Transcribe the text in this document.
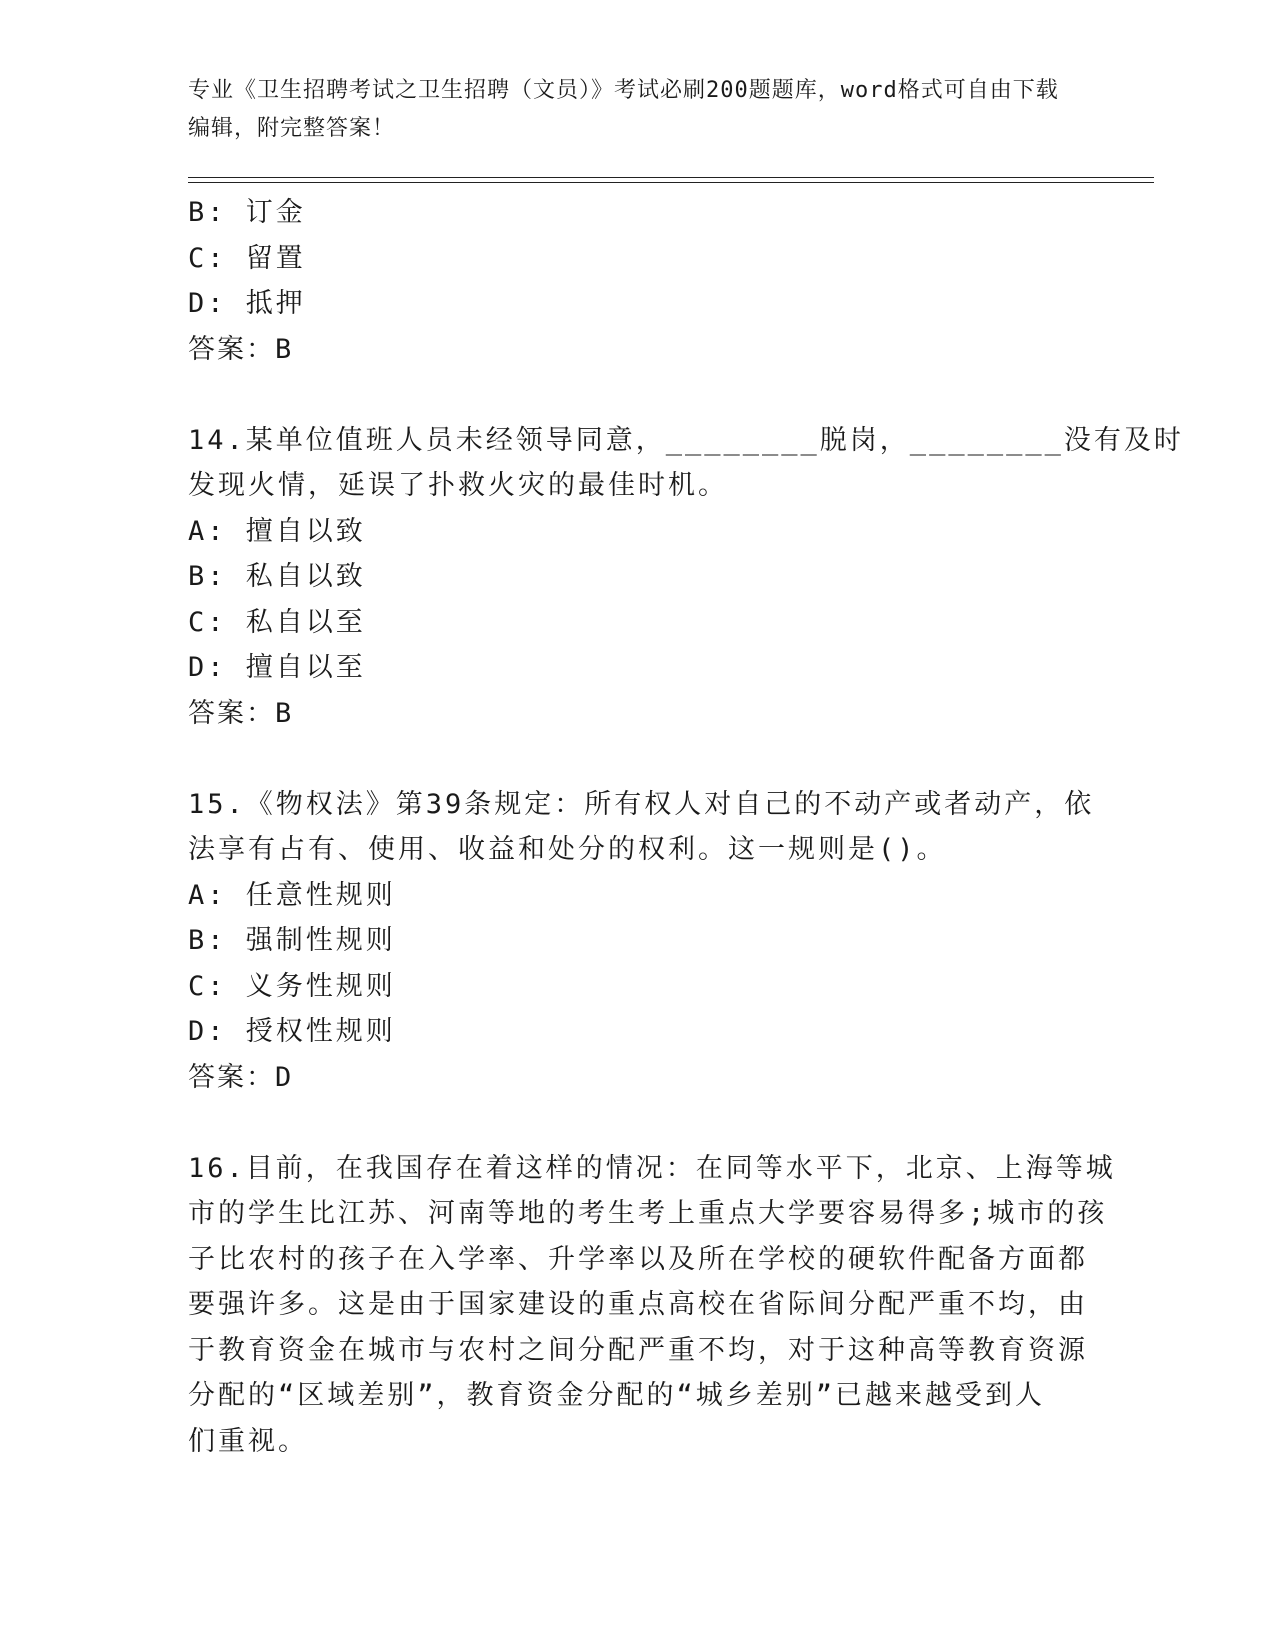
专业《卫生招聘考试之卫生招聘（文员）》考试必刷200题题库，word格式可自由下载编辑，附完整答案！
B: 订金
C: 留置
D: 抵押
答案：B
14.某单位值班人员未经领导同意，________脱岗，________没有及时
发现火情，延误了扑救火灾的最佳时机。
A: 擅自以致
B: 私自以致
C: 私自以至
D: 擅自以至
答案：B
15.《物权法》第39条规定：所有权人对自己的不动产或者动产，依
法享有占有、使用、收益和处分的权利。这一规则是()。
A: 任意性规则
B: 强制性规则
C: 义务性规则
D: 授权性规则
答案：D
16.目前，在我国存在着这样的情况：在同等水平下，北京、上海等城
市的学生比江苏、河南等地的考生考上重点大学要容易得多;城市的孩
子比农村的孩子在入学率、升学率以及所在学校的硬软件配备方面都
要强许多。这是由于国家建设的重点高校在省际间分配严重不均，由
于教育资金在城市与农村之间分配严重不均，对于这种高等教育资源
分配的“区域差别”，教育资金分配的“城乡差别”已越来越受到人
们重视。
